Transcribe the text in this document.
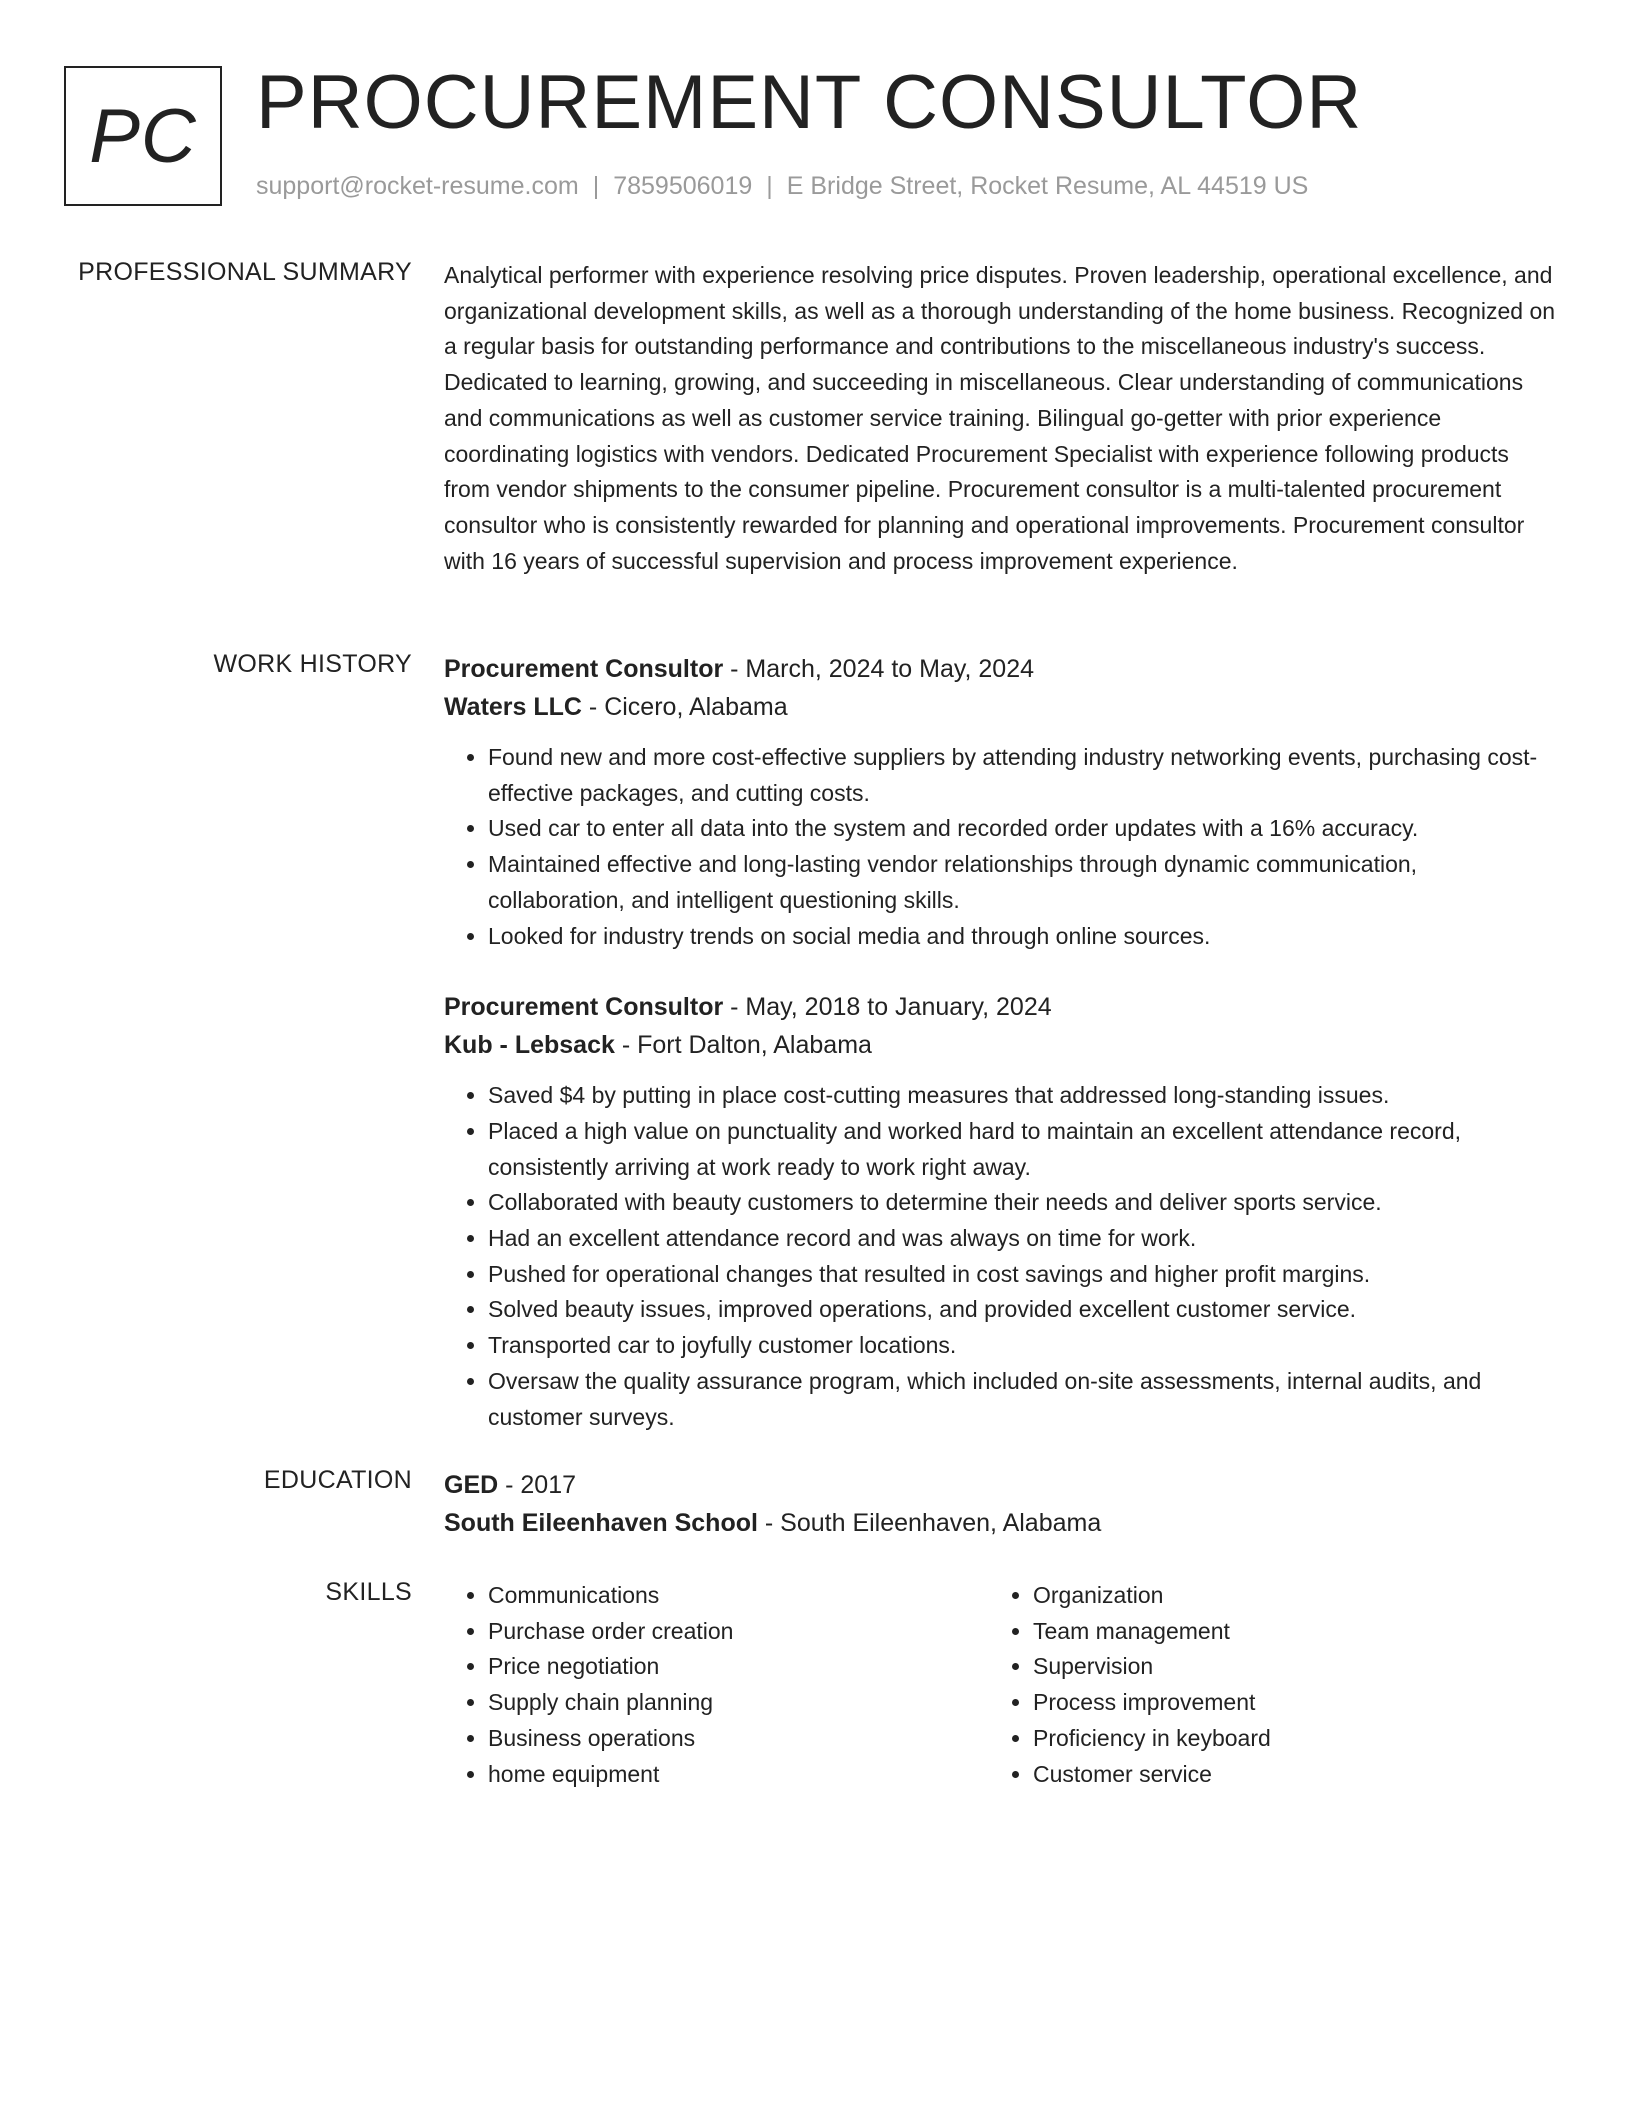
PC PROCUREMENT CONSULTOR
support@rocket-resume.com | 7859506019 | E Bridge Street, Rocket Resume, AL 44519 US
PROFESSIONAL SUMMARY Analytical performer with experience resolving price disputes. Proven leadership, operational excellence, and organizational development skills, as well as a thorough understanding of the home business. Recognized on a regular basis for outstanding performance and contributions to the miscellaneous industry's success. Dedicated to learning, growing, and succeeding in miscellaneous. Clear understanding of communications and communications as well as customer service training. Bilingual go-getter with prior experience coordinating logistics with vendors. Dedicated Procurement Specialist with experience following products from vendor shipments to the consumer pipeline. Procurement consultor is a multi-talented procurement consultor who is consistently rewarded for planning and operational improvements. Procurement consultor with 16 years of successful supervision and process improvement experience.

WORK HISTORY Procurement Consultor - March, 2024 to May, 2024
Waters LLC - Cicero, Alabama
• Found new and more cost-effective suppliers by attending industry networking events, purchasing cost-effective packages, and cutting costs.
• Used car to enter all data into the system and recorded order updates with a 16% accuracy.
• Maintained effective and long-lasting vendor relationships through dynamic communication, collaboration, and intelligent questioning skills.
• Looked for industry trends on social media and through online sources.
Procurement Consultor - May, 2018 to January, 2024
Kub - Lebsack - Fort Dalton, Alabama
• Saved $4 by putting in place cost-cutting measures that addressed long-standing issues.
• Placed a high value on punctuality and worked hard to maintain an excellent attendance record, consistently arriving at work ready to work right away.
• Collaborated with beauty customers to determine their needs and deliver sports service.
• Had an excellent attendance record and was always on time for work.
• Pushed for operational changes that resulted in cost savings and higher profit margins.
• Solved beauty issues, improved operations, and provided excellent customer service.
• Transported car to joyfully customer locations.
• Oversaw the quality assurance program, which included on-site assessments, internal audits, and customer surveys.
EDUCATION GED - 2017
South Eileenhaven School - South Eileenhaven, Alabama
SKILLS
•	Communications
• Purchase order creation
• Price negotiation
• Supply chain planning
• Business operations
• home equipment
• Organization
• Team management
• Supervision
• Process improvement
• Proficiency in keyboard
• Customer service
